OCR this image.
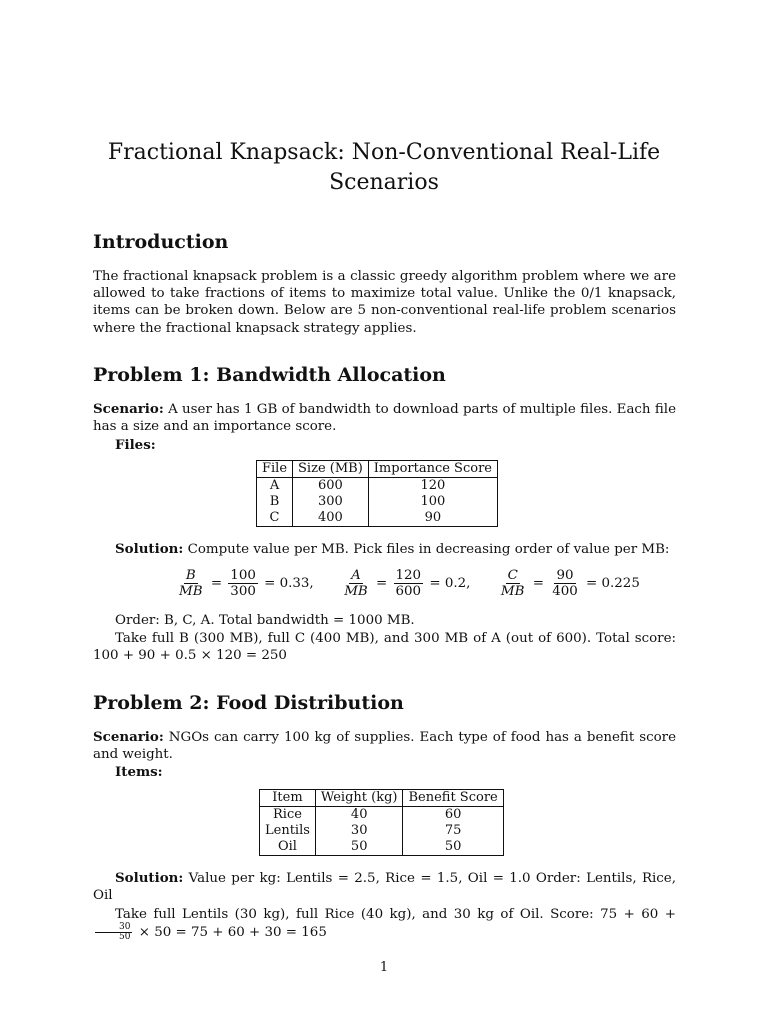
Fractional Knapsack: Non-Conventional Real-Life Scenarios
Introduction
The fractional knapsack problem is a classic greedy algorithm problem where we are allowed to take fractions of items to maximize total value. Unlike the 0/1 knapsack, items can be broken down. Below are 5 non-conventional real-life problem scenarios where the fractional knapsack strategy applies.
Problem 1: Bandwidth Allocation
Scenario: A user has 1 GB of bandwidth to download parts of multiple files. Each file has a size and an importance score.
Files:
File	Size (MB)	Importance Score
A	600	120
B	300	100
C	400	90
Solution: Compute value per MB. Pick files in decreasing order of value per MB:
$\frac{B}{MB} = \frac{100}{300} = 0.33$, $\frac{A}{MB} = \frac{120}{600} = 0.2$, $\frac{C}{MB} = \frac{90}{400} = 0.225$
Order: B, C, A. Total bandwidth = 1000 MB.
Take full B (300 MB), full C (400 MB), and 300 MB of A (out of 600). Total score: 100 + 90 + 0.5 × 120 = 250
Problem 2: Food Distribution
Scenario: NGOs can carry 100 kg of supplies. Each type of food has a benefit score and weight.
Items:
Item	Weight (kg)	Benefit Score
Rice	40	60
Lentils	30	75
Oil	50	50
Solution: Value per kg: Lentils = 2.5, Rice = 1.5, Oil = 1.0 Order: Lentils, Rice, Oil
Take full Lentils (30 kg), full Rice (40 kg), and 30 kg of Oil. Score: 75 + 60 +
$\frac{30}{50} \times 50 = 75 + 60 + 30 = 165$
1
